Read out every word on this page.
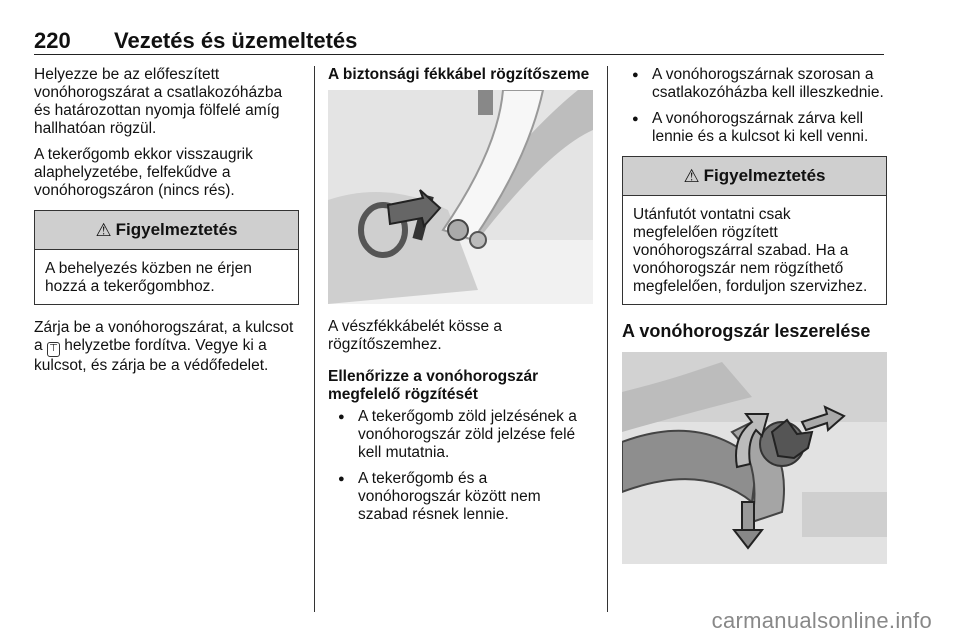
220	Vezetés és üzemeltetés

Helyezze be az előfeszített vonóhorogszárat a csatlakozóházba és határozottan nyomja fölfelé amíg hallhatóan rögzül.

A tekerőgomb ekkor visszaugrik alaphelyzetébe, felfekűdve a vonóhorogszáron (nincs rés).

⚠ Figyelmeztetés
A behelyezés közben ne érjen hozzá a tekerőgombhoz.

Zárja be a vonóhorogszárat, a kulcsot a ⊤ helyzetbe fordítva. Vegye ki a kulcsot, és zárja be a védőfedelet.

A biztonsági fékkábel rögzítőszeme

A vészfékkábelét kösse a rögzítőszemhez.

Ellenőrizze a vonóhorogszár megfelelő rögzítését
● A tekerőgomb zöld jelzésének a vonóhorogszár zöld jelzése felé kell mutatnia.
● A tekerőgomb és a vonóhorogszár között nem szabad résnek lennie.
● A vonóhorogszárnak szorosan a csatlakozóházba kell illeszkednie.
● A vonóhorogszárnak zárva kell lennie és a kulcsot ki kell venni.
⚠ Figyelmeztetés
Utánfutót vontatni csak megfelelően rögzített vonóhorogszárral szabad. Ha a vonóhorogszár nem rögzíthető megfelelően, forduljon szervizhez.
A vonóhorogszár leszerelése
carmanualsonline.info
